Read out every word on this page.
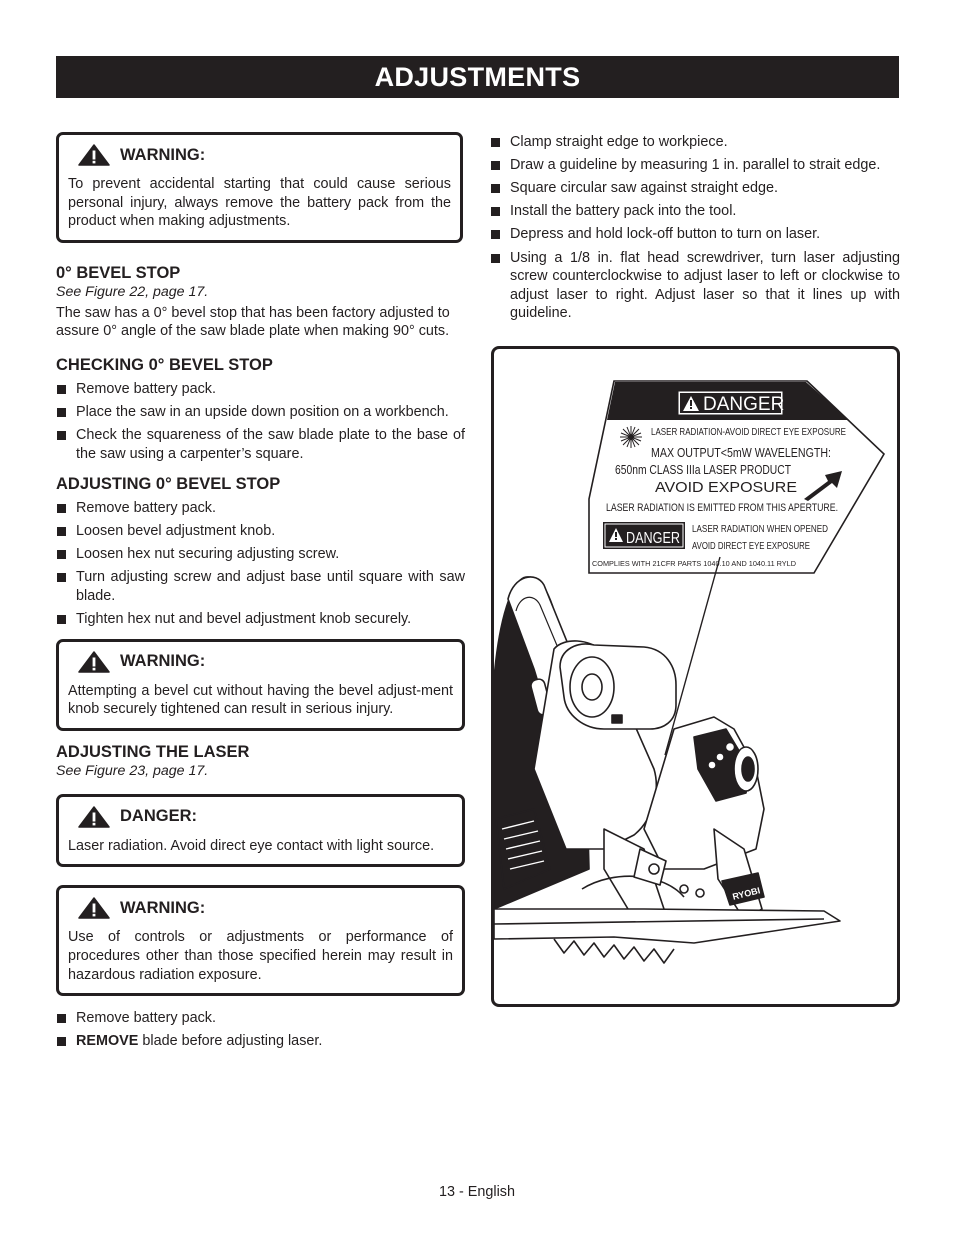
ADJUSTMENTS
WARNING:
To prevent accidental starting that could cause serious personal injury, always remove the battery pack from the product when making adjustments.
0° BEVEL STOP
See Figure 22, page 17.
The saw has a 0° bevel stop that has been factory adjusted to assure 0° angle of the saw blade plate when making 90° cuts.
CHECKING 0° BEVEL STOP
Remove battery pack.
Place the saw in an upside down position on a workbench.
Check the squareness of the saw blade plate to the base of the saw using a carpenter’s square.
ADJUSTING 0° BEVEL STOP
Remove battery pack.
Loosen bevel adjustment knob.
Loosen hex nut securing adjusting screw.
Turn adjusting screw and adjust base until square with saw blade.
Tighten hex nut and bevel adjustment knob securely.
WARNING:
Attempting a bevel cut without having the bevel adjust-ment knob securely tightened can result in serious injury.
ADJUSTING THE LASER
See Figure 23, page 17.
DANGER:
Laser radiation. Avoid direct eye contact with light source.
WARNING:
Use of controls or adjustments or performance of procedures other than those specified herein may result in hazardous radiation exposure.
Remove battery pack.
REMOVE blade before adjusting laser.
Clamp straight edge to workpiece.
Draw a guideline by measuring 1 in. parallel to strait edge.
Square circular saw against straight edge.
Install the battery pack into the tool.
Depress and hold lock-off button to turn on laser.
Using a 1/8 in. flat head screwdriver, turn laser adjusting screw counterclockwise to adjust laser to left or clockwise to adjust laser to right. Adjust laser so that it lines up with guideline.
DANGER
LASER RADIATION-AVOID DIRECT EYE EXPOSURE
MAX OUTPUT<5mW WAVELENGTH:
650nm CLASS IIIa LASER PRODUCT
AVOID EXPOSURE
LASER RADIATION IS EMITTED FROM THIS APERTURE.
DANGER
LASER RADIATION WHEN OPENED
AVOID DIRECT EYE EXPOSURE
COMPLIES WITH 21CFR PARTS 1040.10 AND 1040.11 RYLD
RYOBI
13 - English
